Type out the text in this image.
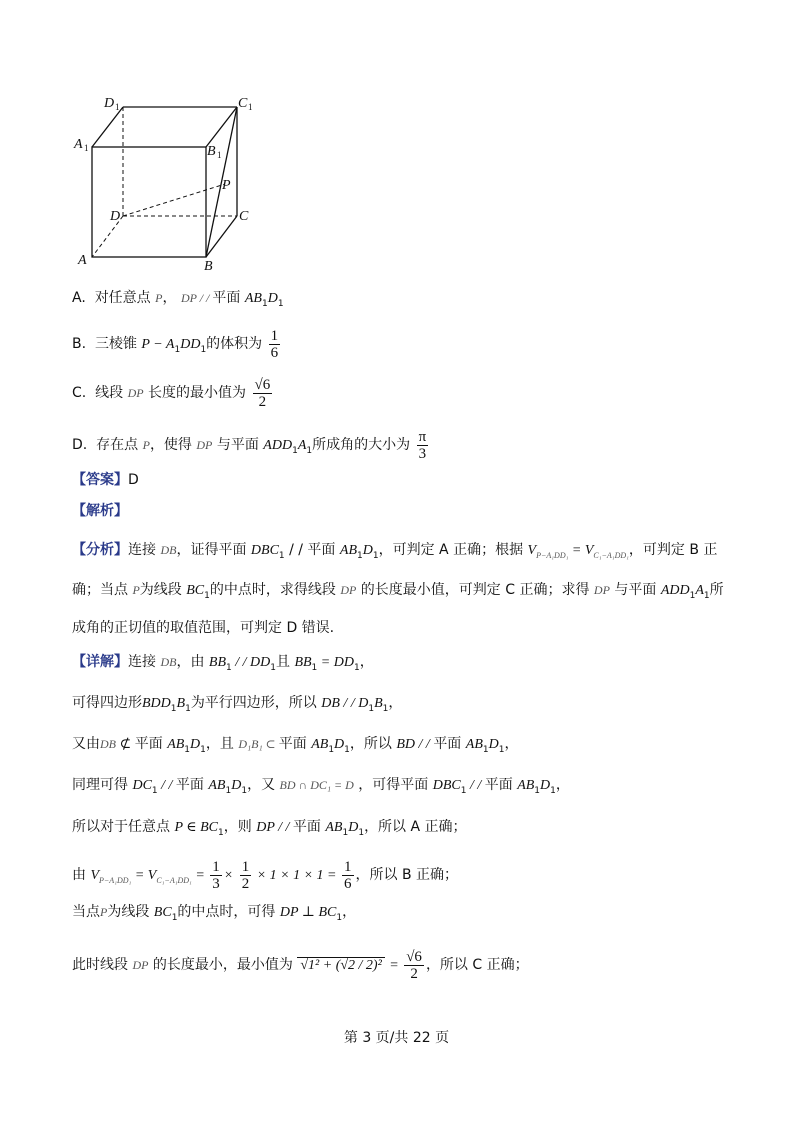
D 1	C 1
A 1	B 1
P
D	C
A	B
A. 对任意点 P， DP / / 平面 $AB_1D_1$
B. 三棱锥 $P - A_1DD_1$的体积为 $\frac{1}{6}$
C. 线段 DP 长度的最小值为 $\frac{√6}{2}$
D. 存在点 P，使得 DP 与平面 $ADD_1A_1$所成角的大小为 $\frac{\pi}{3}$
【答案】D
【解析】
【分析】连接 DB，证得平面 $DBC_1$ / / 平面 $AB_1D_1$，可判定 A 正确；根据 $V_{P-A_1DD_1} = V_{C_1-A_1DD_1}$，可判定 B 正
确；当点 P为线段 $BC_1$的中点时，求得线段 DP 的长度最小值，可判定 C 正确；求得 DP 与平面 $ADD_1A_1$所
成角的正切值的取值范围，可判定 D 错误.
【详解】连接 DB，由 $BB_1$ / / $DD_1$且 $BB_1 = DD_1$，
可得四边形$BDD_1B_1$为平行四边形，所以 DB / / $D_1B_1$，
又由DB ⊄ 平面 $AB_1D_1$，且 D₁B₁ ⊂ 平面 $AB_1D_1$，所以 BD / / 平面 $AB_1D_1$，
同理可得 $DC_1$ / / 平面 $AB_1D_1$，又 BD ∩ DC₁ = D ，可得平面 $DBC_1$ / / 平面 $AB_1D_1$，
所以对于任意点 P ∈ $BC_1$，则 DP / / 平面 $AB_1D_1$，所以 A 正确；
由 $V_{P-A_1DD_1} = V_{C_1-A_1DD_1} = \frac{1}{3} \times \frac{1}{2} \times 1 \times 1 \times 1 = \frac{1}{6}$ ，所以 B 正确；
当点P为线段 $BC_1$的中点时，可得 DP ⊥ $BC_1$，
此时线段 DP 的长度最小，最小值为 $√1^2 + (√2 / 2)^2 = \frac{√6}{2}$ ，所以 C 正确；
第 3 页/共 22 页
